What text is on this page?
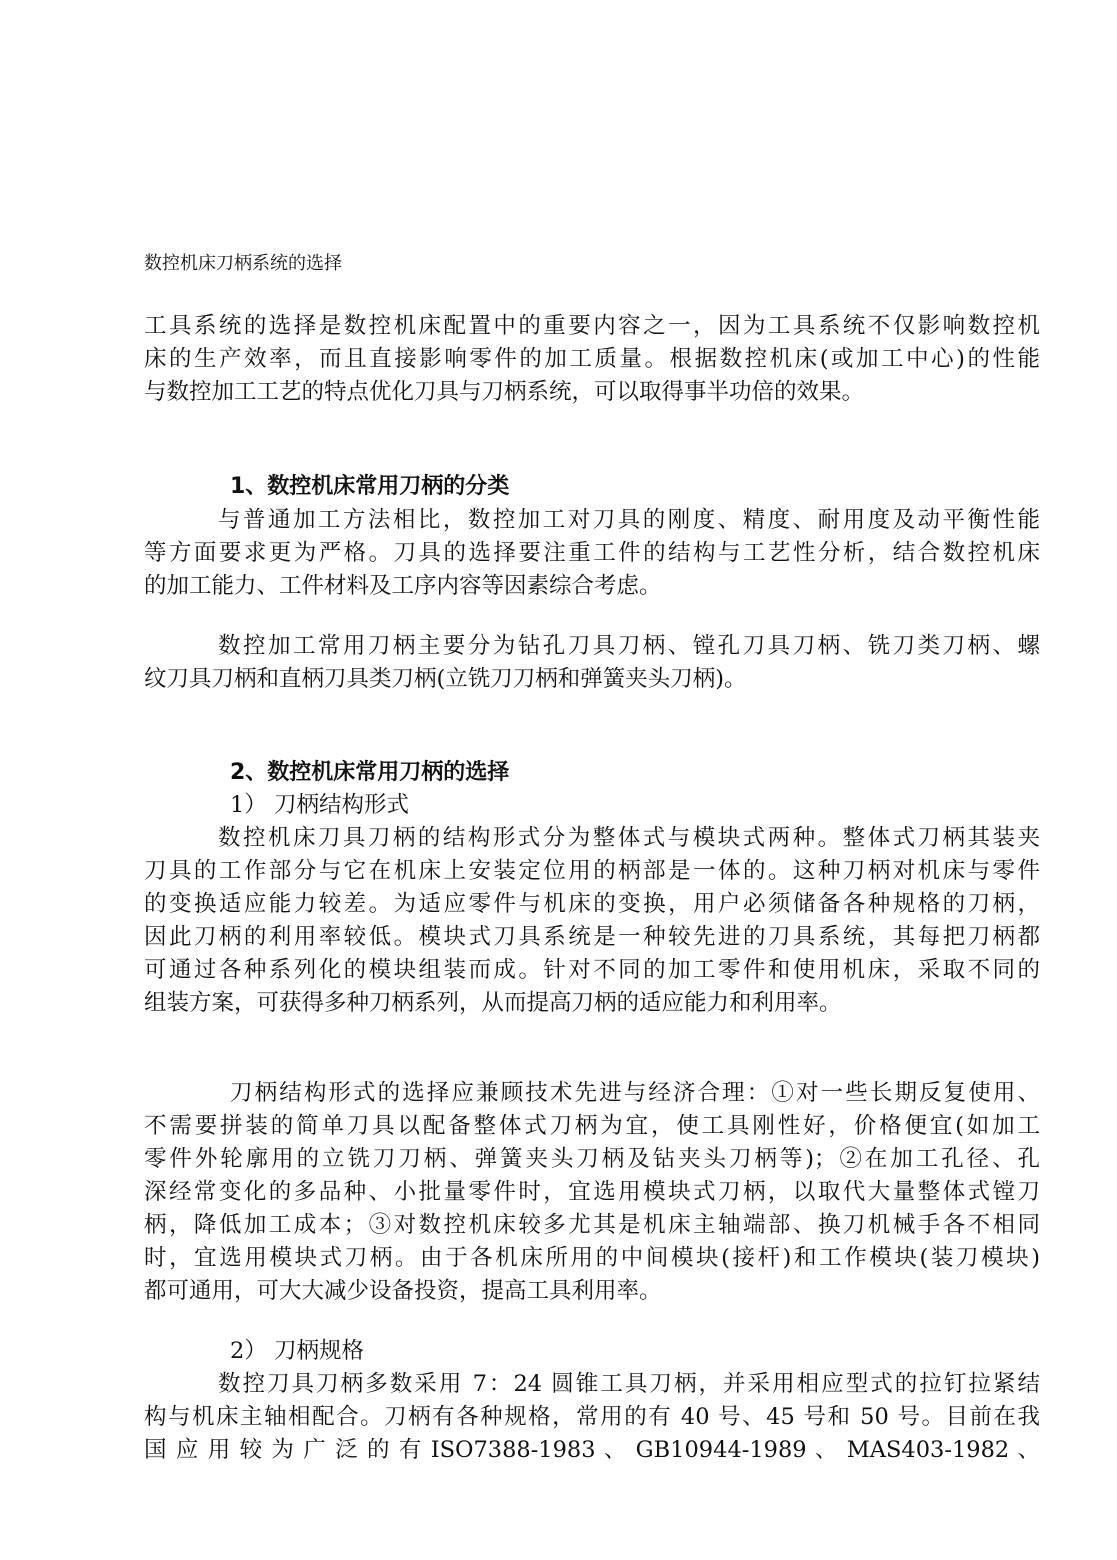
数控机床刀柄系统的选择
工具系统的选择是数控机床配置中的重要内容之一，因为工具系统不仅影响数控机
床的生产效率，而且直接影响零件的加工质量。根据数控机床(或加工中心)的性能
与数控加工工艺的特点优化刀具与刀柄系统，可以取得事半功倍的效果。
1、数控机床常用刀柄的分类
与普通加工方法相比，数控加工对刀具的刚度、精度、耐用度及动平衡性能
等方面要求更为严格。刀具的选择要注重工件的结构与工艺性分析，结合数控机床
的加工能力、工件材料及工序内容等因素综合考虑。
数控加工常用刀柄主要分为钻孔刀具刀柄、镗孔刀具刀柄、铣刀类刀柄、螺
纹刀具刀柄和直柄刀具类刀柄(立铣刀刀柄和弹簧夹头刀柄)。
2、数控机床常用刀柄的选择
1） 刀柄结构形式
数控机床刀具刀柄的结构形式分为整体式与模块式两种。整体式刀柄其装夹
刀具的工作部分与它在机床上安装定位用的柄部是一体的。这种刀柄对机床与零件
的变换适应能力较差。为适应零件与机床的变换，用户必须储备各种规格的刀柄，
因此刀柄的利用率较低。模块式刀具系统是一种较先进的刀具系统，其每把刀柄都
可通过各种系列化的模块组装而成。针对不同的加工零件和使用机床，采取不同的
组装方案，可获得多种刀柄系列，从而提高刀柄的适应能力和利用率。
刀柄结构形式的选择应兼顾技术先进与经济合理：①对一些长期反复使用、
不需要拼装的简单刀具以配备整体式刀柄为宜，使工具刚性好，价格便宜(如加工
零件外轮廓用的立铣刀刀柄、弹簧夹头刀柄及钻夹头刀柄等)；②在加工孔径、孔
深经常变化的多品种、小批量零件时，宜选用模块式刀柄，以取代大量整体式镗刀
柄，降低加工成本；③对数控机床较多尤其是机床主轴端部、换刀机械手各不相同
时，宜选用模块式刀柄。由于各机床所用的中间模块(接杆)和工作模块(装刀模块)
都可通用，可大大减少设备投资，提高工具利用率。
2） 刀柄规格
数控刀具刀柄多数采用 7：24 圆锥工具刀柄，并采用相应型式的拉钉拉紧结
构与机床主轴相配合。刀柄有各种规格，常用的有 40 号、45 号和 50 号。目前在我
国 应 用 较 为 广 泛 的 有 ISO7388-1983 、 GB10944-1989 、 MAS403-1982 、
